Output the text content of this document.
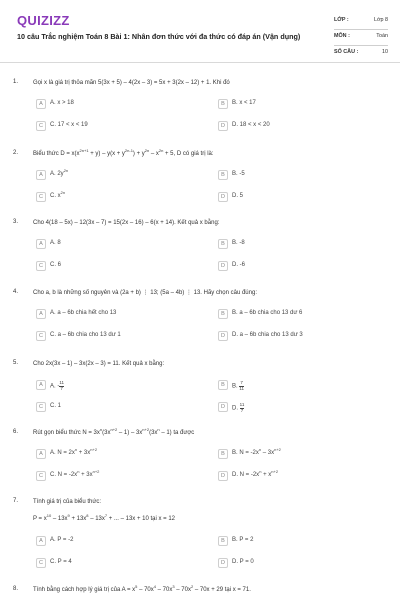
QUIZIZZ
10 câu Trắc nghiệm Toán 8 Bài 1: Nhân đơn thức với đa thức có đáp án (Vận dụng)
LỚP :	Lớp 8
MÔN :	Toán
SỐ CÂU :	10
1. Gọi x là giá trị thỏa mãn 5(3x + 5) – 4(2x – 3) = 5x + 3(2x – 12) + 1. Khi đó
A	A. x > 18	B	B. x < 17
C	C. 17 < x < 19	D	D. 18 < x < 20
2. Biểu thức $D = x(x^{2n+1} + y) - y(x + y^{2n-1}) + y^{2n} - x^{2n} + 5$, D có giá trị là:
A	A. $2y^{2n}$
B	B. -5
C	C. $x^{2n}$
D	D. 5
3. Cho 4(18 – 5x) – 12(3x – 7) = 15(2x – 16) – 6(x + 14). Kết quả x bằng:
A	A. 8	B	B. -8
C	C. 6	D	D. -6
4. Cho a, b là những số nguyên và (2a + b) ⋮ 13; (5a – 4b) ⋮ 13. Hãy chọn câu đúng:
A	A. a – 6b chia hết cho 13	B	B. a – 6b chia cho 13 dư 6
C	C. a – 6b chia cho 13 dư 1	D	D. a – 6b chia cho 13 dư 3
5. Cho 2x(3x – 1) – 3x(2x – 3) = 11. Kết quả x bằng:
A	A. - $\frac{11}{7}$	B	B. $\frac{7}{11}$
C	C. 1	D	D. $\frac{11}{7}$
6. Rút gọn biểu thức $N = 3x^n(3x^{n+2} - 1) - 3x^{n+2}(3x^n - 1)$ ta được
A	A. $N = 2x^n + 3x^{n+2}$
B	B. $N = -2x^n - 3x^{n+2}$
C	C. $N = -2x^n + 3x^{n+2}$
D	D. $N = -2x^n + x^{n+2}$
7. Tính giá trị của biểu thức:
$P = x^{10} - 13x^9 + 13x^8 - 13x^7$ + ... – 13x + 10 tại x = 12
A	A. P = -2	B	B. P = 2
C	C. P = 4	D	D. P = 0
8. Tính bằng cách hợp lý giá trị của $A = x^5 - 70x^4 - 70x^3 - 70x^2 - 70x + 29$ tại x = 71.
